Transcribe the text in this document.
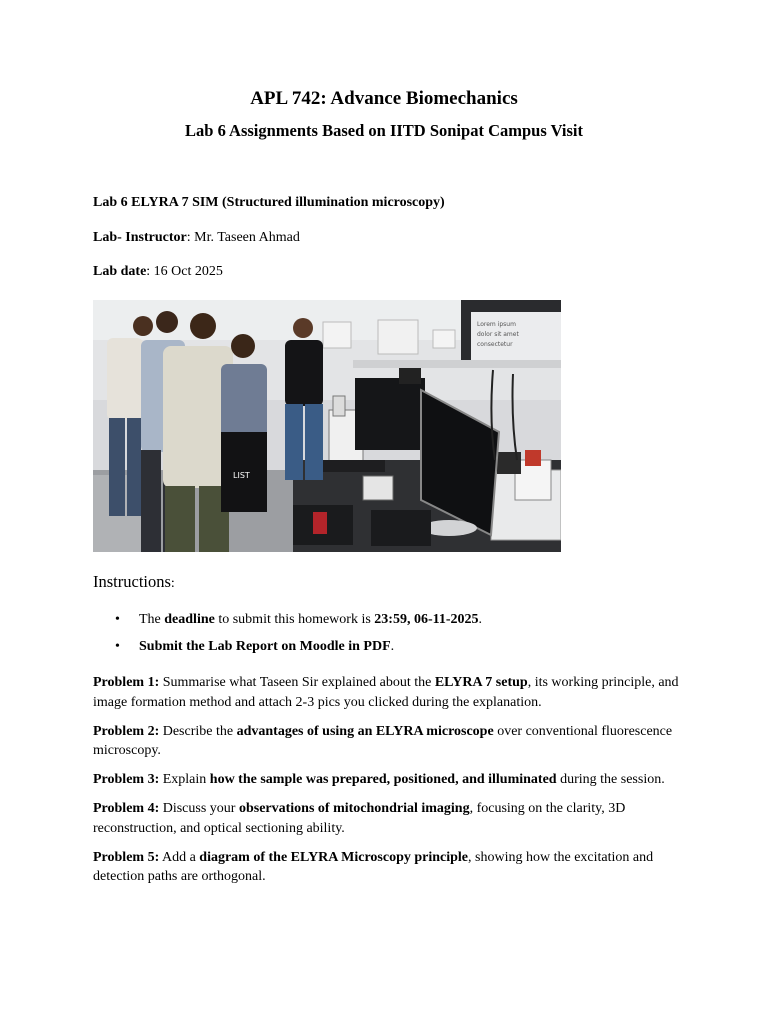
APL 742: Advance Biomechanics
Lab 6 Assignments Based on IITD Sonipat Campus Visit
Lab 6 ELYRA 7 SIM (Structured illumination microscopy)
Lab- Instructor: Mr. Taseen Ahmad
Lab date: 16 Oct 2025
Lorem ipsum
dolor sit amet
consectetur
LIST
Instructions:
• The deadline to submit this homework is 23:59, 06-11-2025.
• Submit the Lab Report on Moodle in PDF.
Problem 1: Summarise what Taseen Sir explained about the ELYRA 7 setup, its working principle, and image formation method and attach 2-3 pics you clicked during the explanation.
Problem 2: Describe the advantages of using an ELYRA microscope over conventional fluorescence microscopy.
Problem 3: Explain how the sample was prepared, positioned, and illuminated during the session.
Problem 4: Discuss your observations of mitochondrial imaging, focusing on the clarity, 3D reconstruction, and optical sectioning ability.
Problem 5: Add a diagram of the ELYRA Microscopy principle, showing how the excitation and detection paths are orthogonal.
